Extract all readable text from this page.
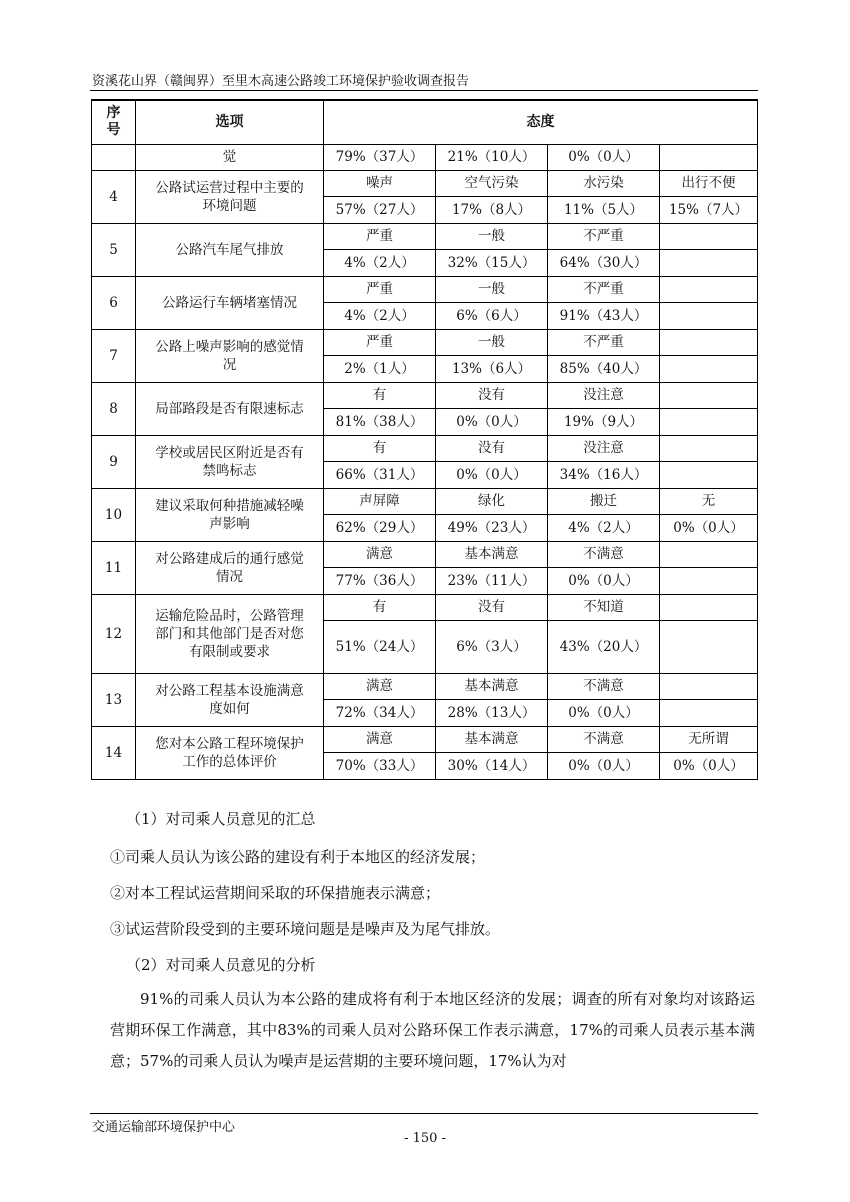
资溪花山界（赣闽界）至里木高速公路竣工环境保护验收调查报告
序号	选项	态度			
	觉	79%（37人）	21%（10人）	0%（0人）	
4	公路试运营过程中主要的环境问题	噪声	空气污染	水污染	出行不便
		57%（27人）	17%（8人）	11%（5人）	15%（7人）
5	公路汽车尾气排放	严重	一般	不严重	
		4%（2人）	32%（15人）	64%（30人）	
6	公路运行车辆堵塞情况	严重	一般	不严重	
		4%（2人）	6%（6人）	91%（43人）	
7	公路上噪声影响的感觉情况	严重	一般	不严重	
		2%（1人）	13%（6人）	85%（40人）	
8	局部路段是否有限速标志	有	没有	没注意	
		81%（38人）	0%（0人）	19%（9人）	
9	学校或居民区附近是否有禁鸣标志	有	没有	没注意	
		66%（31人）	0%（0人）	34%（16人）	
10	建议采取何种措施减轻噪声影响	声屏障	绿化	搬迁	无
		62%（29人）	49%（23人）	4%（2人）	0%（0人）
11	对公路建成后的通行感觉情况	满意	基本满意	不满意	
		77%（36人）	23%（11人）	0%（0人）	
12	运输危险品时，公路管理部门和其他部门是否对您有限制或要求	有	没有	不知道	
		51%（24人）	6%（3人）	43%（20人）	
13	对公路工程基本设施满意度如何	满意	基本满意	不满意	
		72%（34人）	28%（13人）	0%（0人）	
14	您对本公路工程环境保护工作的总体评价	满意	基本满意	不满意	无所谓
		70%（33人）	30%（14人）	0%（0人）	0%（0人）
（1）对司乘人员意见的汇总
①司乘人员认为该公路的建设有利于本地区的经济发展；
②对本工程试运营期间采取的环保措施表示满意；
③试运营阶段受到的主要环境问题是是噪声及为尾气排放。
（2）对司乘人员意见的分析
91%的司乘人员认为本公路的建成将有利于本地区经济的发展；调查的所有对象均对该路运营期环保工作满意，其中83%的司乘人员对公路环保工作表示满意，17%的司乘人员表示基本满意；57%的司乘人员认为噪声是运营期的主要环境问题，17%认为对
交通运输部环境保护中心
- 150 -
